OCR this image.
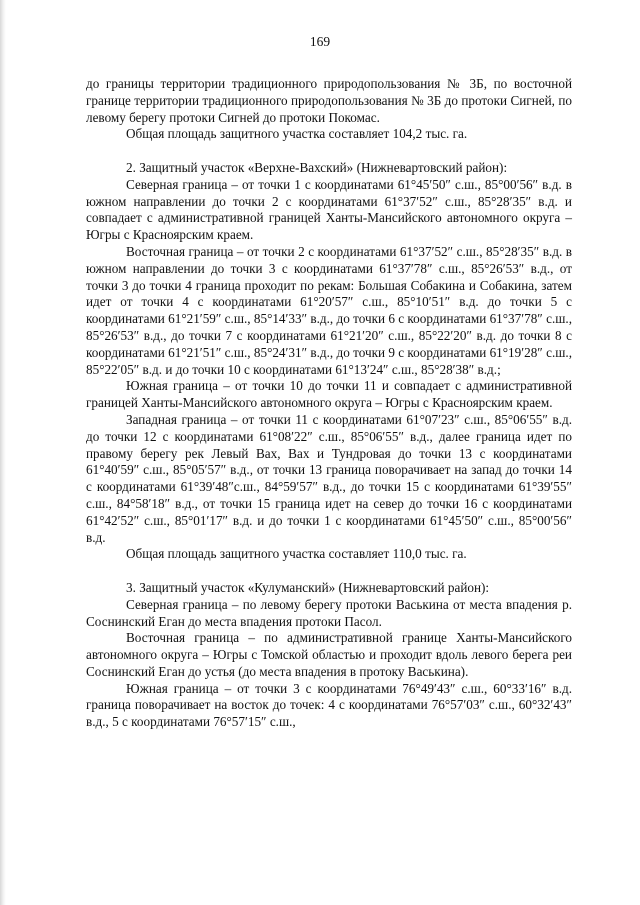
169

до границы территории традиционного природопользования № 3Б, по восточной границе территории традиционного природопользования № 3Б до протоки Сигней, по левому берегу протоки Сигней до протоки Покомас.

Общая площадь защитного участка составляет 104,2 тыс. га.

2. Защитный участок «Верхне-Вахский» (Нижневартовский район):

Северная граница – от точки 1 с координатами 61°45′50″ с.ш., 85°00′56″ в.д. в южном направлении до точки 2 с координатами 61°37′52″ с.ш., 85°28′35″ в.д. и совпадает с административной границей Ханты-Мансийского автономного округа – Югры с Красноярским краем.

Восточная граница – от точки 2 с координатами 61°37′52″ с.ш., 85°28′35″ в.д. в южном направлении до точки 3 с координатами 61°37′78″ с.ш., 85°26′53″ в.д., от точки 3 до точки 4 граница проходит по рекам: Большая Собакина и Собакина, затем идет от точки 4 с координатами 61°20′57″ с.ш., 85°10′51″ в.д. до точки 5 с координатами 61°21′59″ с.ш., 85°14′33″ в.д., до точки 6 с координатами 61°37′78″ с.ш., 85°26′53″ в.д., до точки 7 с координатами 61°21′20″ с.ш., 85°22′20″ в.д. до точки 8 с координатами 61°21′51″ с.ш., 85°24′31″ в.д., до точки 9 с координатами 61°19′28″ с.ш., 85°22′05″ в.д. и до точки 10 с координатами 61°13′24″ с.ш., 85°28′38″ в.д.;

Южная граница – от точки 10 до точки 11 и совпадает с административной границей Ханты-Мансийского автономного округа – Югры с Красноярским краем.

Западная граница – от точки 11 с координатами 61°07′23″ с.ш., 85°06′55″ в.д. до точки 12 с координатами 61°08′22″ с.ш., 85°06′55″ в.д., далее граница идет по правому берегу рек Левый Вах, Вах и Тундровая до точки 13 с координатами 61°40′59″ с.ш., 85°05′57″ в.д., от точки 13 граница поворачивает на запад до точки 14 с координатами 61°39′48″с.ш., 84°59′57″ в.д., до точки 15 с координатами 61°39′55″ с.ш., 84°58′18″ в.д., от точки 15 граница идет на север до точки 16 с координатами 61°42′52″ с.ш., 85°01′17″ в.д. и до точки 1 с координатами 61°45′50″ с.ш., 85°00′56″ в.д.

Общая площадь защитного участка составляет 110,0 тыс. га.

3. Защитный участок «Кулуманский» (Нижневартовский район):

Северная граница – по левому берегу протоки Васькина от места впадения р. Соснинский Еган до места впадения протоки Пасол.

Восточная граница – по административной границе Ханты-Мансийского автономного округа – Югры с Томской областью и проходит вдоль левого берега реи Соснинский Еган до устья (до места впадения в протоку Васькина).

Южная граница – от точки 3 с координатами 76°49′43″ с.ш., 60°33′16″ в.д. граница поворачивает на восток до точек: 4 с координатами 76°57′03″ с.ш., 60°32′43″ в.д., 5 с координатами 76°57′15″ с.ш.,
